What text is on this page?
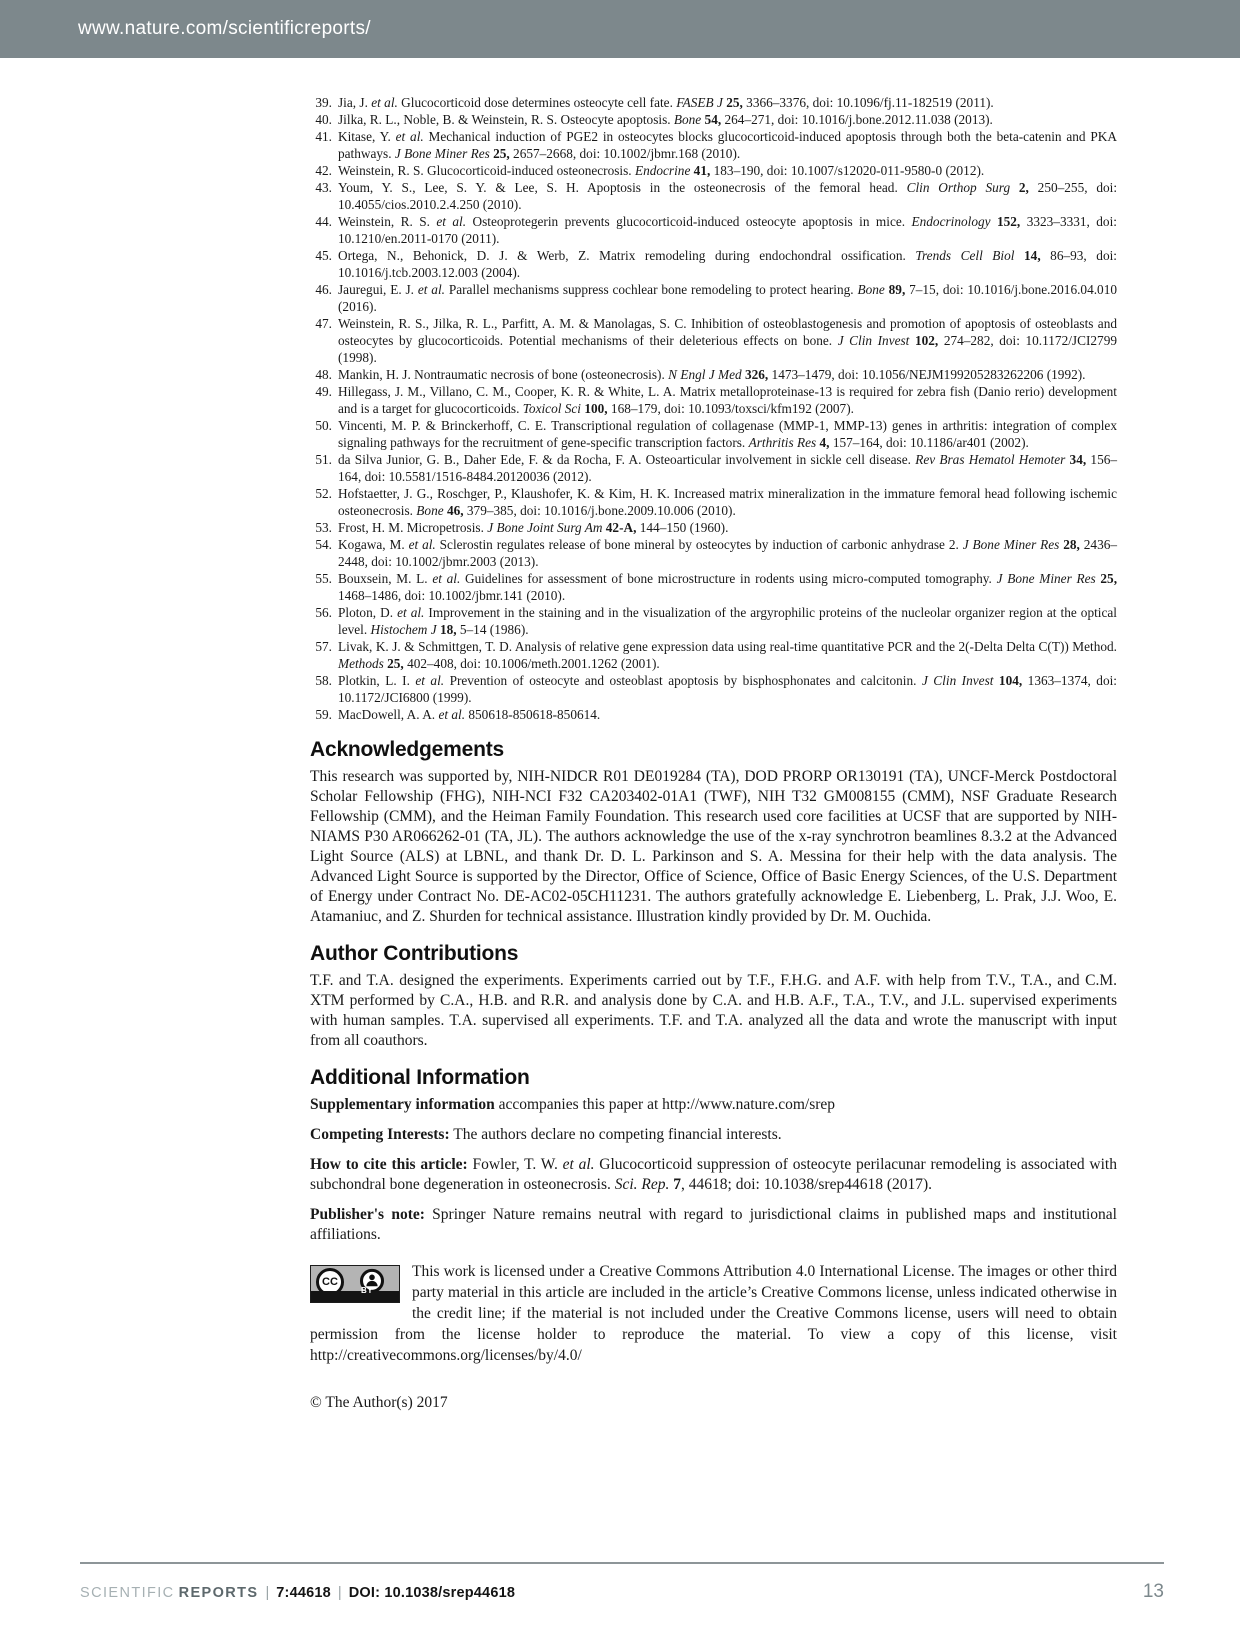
www.nature.com/scientificreports/
39. Jia, J. et al. Glucocorticoid dose determines osteocyte cell fate. FASEB J 25, 3366–3376, doi: 10.1096/fj.11-182519 (2011).
40. Jilka, R. L., Noble, B. & Weinstein, R. S. Osteocyte apoptosis. Bone 54, 264–271, doi: 10.1016/j.bone.2012.11.038 (2013).
41. Kitase, Y. et al. Mechanical induction of PGE2 in osteocytes blocks glucocorticoid-induced apoptosis through both the beta-catenin and PKA pathways. J Bone Miner Res 25, 2657–2668, doi: 10.1002/jbmr.168 (2010).
42. Weinstein, R. S. Glucocorticoid-induced osteonecrosis. Endocrine 41, 183–190, doi: 10.1007/s12020-011-9580-0 (2012).
43. Youm, Y. S., Lee, S. Y. & Lee, S. H. Apoptosis in the osteonecrosis of the femoral head. Clin Orthop Surg 2, 250–255, doi: 10.4055/cios.2010.2.4.250 (2010).
44. Weinstein, R. S. et al. Osteoprotegerin prevents glucocorticoid-induced osteocyte apoptosis in mice. Endocrinology 152, 3323–3331, doi: 10.1210/en.2011-0170 (2011).
45. Ortega, N., Behonick, D. J. & Werb, Z. Matrix remodeling during endochondral ossification. Trends Cell Biol 14, 86–93, doi: 10.1016/j.tcb.2003.12.003 (2004).
46. Jauregui, E. J. et al. Parallel mechanisms suppress cochlear bone remodeling to protect hearing. Bone 89, 7–15, doi: 10.1016/j.bone.2016.04.010 (2016).
47. Weinstein, R. S., Jilka, R. L., Parfitt, A. M. & Manolagas, S. C. Inhibition of osteoblastogenesis and promotion of apoptosis of osteoblasts and osteocytes by glucocorticoids. Potential mechanisms of their deleterious effects on bone. J Clin Invest 102, 274–282, doi: 10.1172/JCI2799 (1998).
48. Mankin, H. J. Nontraumatic necrosis of bone (osteonecrosis). N Engl J Med 326, 1473–1479, doi: 10.1056/NEJM199205283262206 (1992).
49. Hillegass, J. M., Villano, C. M., Cooper, K. R. & White, L. A. Matrix metalloproteinase-13 is required for zebra fish (Danio rerio) development and is a target for glucocorticoids. Toxicol Sci 100, 168–179, doi: 10.1093/toxsci/kfm192 (2007).
50. Vincenti, M. P. & Brinckerhoff, C. E. Transcriptional regulation of collagenase (MMP-1, MMP-13) genes in arthritis: integration of complex signaling pathways for the recruitment of gene-specific transcription factors. Arthritis Res 4, 157–164, doi: 10.1186/ar401 (2002).
51. da Silva Junior, G. B., Daher Ede, F. & da Rocha, F. A. Osteoarticular involvement in sickle cell disease. Rev Bras Hematol Hemoter 34, 156–164, doi: 10.5581/1516-8484.20120036 (2012).
52. Hofstaetter, J. G., Roschger, P., Klaushofer, K. & Kim, H. K. Increased matrix mineralization in the immature femoral head following ischemic osteonecrosis. Bone 46, 379–385, doi: 10.1016/j.bone.2009.10.006 (2010).
53. Frost, H. M. Micropetrosis. J Bone Joint Surg Am 42-A, 144–150 (1960).
54. Kogawa, M. et al. Sclerostin regulates release of bone mineral by osteocytes by induction of carbonic anhydrase 2. J Bone Miner Res 28, 2436–2448, doi: 10.1002/jbmr.2003 (2013).
55. Bouxsein, M. L. et al. Guidelines for assessment of bone microstructure in rodents using micro-computed tomography. J Bone Miner Res 25, 1468–1486, doi: 10.1002/jbmr.141 (2010).
56. Ploton, D. et al. Improvement in the staining and in the visualization of the argyrophilic proteins of the nucleolar organizer region at the optical level. Histochem J 18, 5–14 (1986).
57. Livak, K. J. & Schmittgen, T. D. Analysis of relative gene expression data using real-time quantitative PCR and the 2(-Delta Delta C(T)) Method. Methods 25, 402–408, doi: 10.1006/meth.2001.1262 (2001).
58. Plotkin, L. I. et al. Prevention of osteocyte and osteoblast apoptosis by bisphosphonates and calcitonin. J Clin Invest 104, 1363–1374, doi: 10.1172/JCI6800 (1999).
59. MacDowell, A. A. et al. 850618-850618-850614.
Acknowledgements

This research was supported by, NIH-NIDCR R01 DE019284 (TA), DOD PRORP OR130191 (TA), UNCF-Merck Postdoctoral Scholar Fellowship (FHG), NIH-NCI F32 CA203402-01A1 (TWF), NIH T32 GM008155 (CMM), NSF Graduate Research Fellowship (CMM), and the Heiman Family Foundation. This research used core facilities at UCSF that are supported by NIH-NIAMS P30 AR066262-01 (TA, JL). The authors acknowledge the use of the x-ray synchrotron beamlines 8.3.2 at the Advanced Light Source (ALS) at LBNL, and thank Dr. D. L. Parkinson and S. A. Messina for their help with the data analysis. The Advanced Light Source is supported by the Director, Office of Science, Office of Basic Energy Sciences, of the U.S. Department of Energy under Contract No. DE-AC02-05CH11231. The authors gratefully acknowledge E. Liebenberg, L. Prak, J.J. Woo, E. Atamaniuc, and Z. Shurden for technical assistance. Illustration kindly provided by Dr. M. Ouchida.

Author Contributions

T.F. and T.A. designed the experiments. Experiments carried out by T.F., F.H.G. and A.F. with help from T.V., T.A., and C.M. XTM performed by C.A., H.B. and R.R. and analysis done by C.A. and H.B. A.F., T.A., T.V., and J.L. supervised experiments with human samples. T.A. supervised all experiments. T.F. and T.A. analyzed all the data and wrote the manuscript with input from all coauthors.

Additional Information

Supplementary information accompanies this paper at http://www.nature.com/srep

Competing Interests: The authors declare no competing financial interests.

How to cite this article: Fowler, T. W. et al. Glucocorticoid suppression of osteocyte perilacunar remodeling is associated with subchondral bone degeneration in osteonecrosis. Sci. Rep. 7, 44618; doi: 10.1038/srep44618 (2017).

Publisher's note: Springer Nature remains neutral with regard to jurisdictional claims in published maps and institutional affiliations.

CC
BY
This work is licensed under a Creative Commons Attribution 4.0 International License. The images or other third party material in this article are included in the article’s Creative Commons license, unless indicated otherwise in the credit line; if the material is not included under the Creative Commons license, users will need to obtain permission from the license holder to reproduce the material. To view a copy of this license, visit http://creativecommons.org/licenses/by/4.0/

© The Author(s) 2017

SCIENTIFIC REPORTS | 7:44618 | DOI: 10.1038/srep44618	13
